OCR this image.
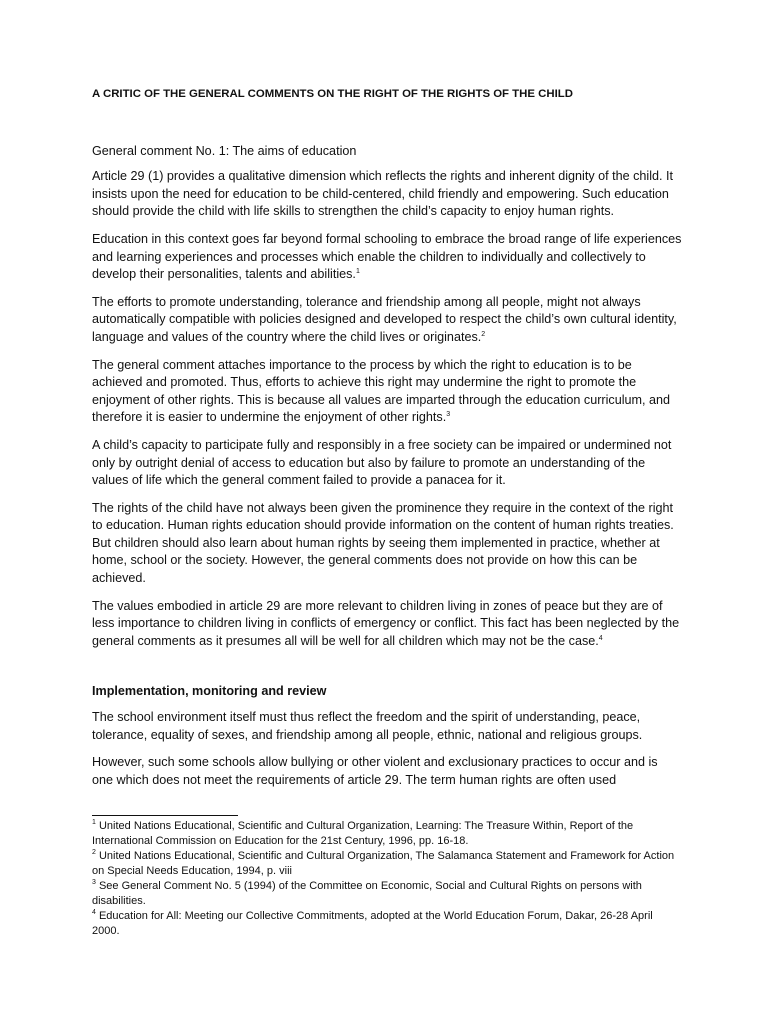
A CRITIC OF THE GENERAL COMMENTS ON THE RIGHT OF THE RIGHTS OF THE CHILD
General comment No. 1: The aims of education

Article 29 (1) provides a qualitative dimension which reflects the rights and inherent dignity of the child. It insists upon the need for education to be child-centered, child friendly and empowering. Such education should provide the child with life skills to strengthen the child’s capacity to enjoy human rights.

Education in this context goes far beyond formal schooling to embrace the broad range of life experiences and learning experiences and processes which enable the children to individually and collectively to develop their personalities, talents and abilities.$^1$

The efforts to promote understanding, tolerance and friendship among all people, might not always automatically compatible with policies designed and developed to respect the child’s own cultural identity, language and values of the country where the child lives or originates.$^2$

The general comment attaches importance to the process by which the right to education is to be achieved and promoted. Thus, efforts to achieve this right may undermine the right to promote the enjoyment of other rights. This is because all values are imparted through the education curriculum, and therefore it is easier to undermine the enjoyment of other rights.$^3$

A child’s capacity to participate fully and responsibly in a free society can be impaired or undermined not only by outright denial of access to education but also by failure to promote an understanding of the values of life which the general comment failed to provide a panacea for it.

The rights of the child have not always been given the prominence they require in the context of the right to education. Human rights education should provide information on the content of human rights treaties. But children should also learn about human rights by seeing them implemented in practice, whether at home, school or the society. However, the general comments does not provide on how this can be achieved.

The values embodied in article 29 are more relevant to children living in zones of peace but they are of less importance to children living in conflicts of emergency or conflict. This fact has been neglected by the general comments as it presumes all will be well for all children which may not be the case.$^4$

Implementation, monitoring and review

The school environment itself must thus reflect the freedom and the spirit of understanding, peace, tolerance, equality of sexes, and friendship among all people, ethnic, national and religious groups.

However, such some schools allow bullying or other violent and exclusionary practices to occur and is one which does not meet the requirements of article 29. The term human rights are often used

$^1$ United Nations Educational, Scientific and Cultural Organization, Learning: The Treasure Within, Report of the International Commission on Education for the 21st Century, 1996, pp. 16-18.
$^2$ United Nations Educational, Scientific and Cultural Organization, The Salamanca Statement and Framework for Action on Special Needs Education, 1994, p. viii
$^3$ See General Comment No. 5 (1994) of the Committee on Economic, Social and Cultural Rights on persons with disabilities.
$^4$ Education for All: Meeting our Collective Commitments, adopted at the World Education Forum, Dakar, 26-28 April 2000.
